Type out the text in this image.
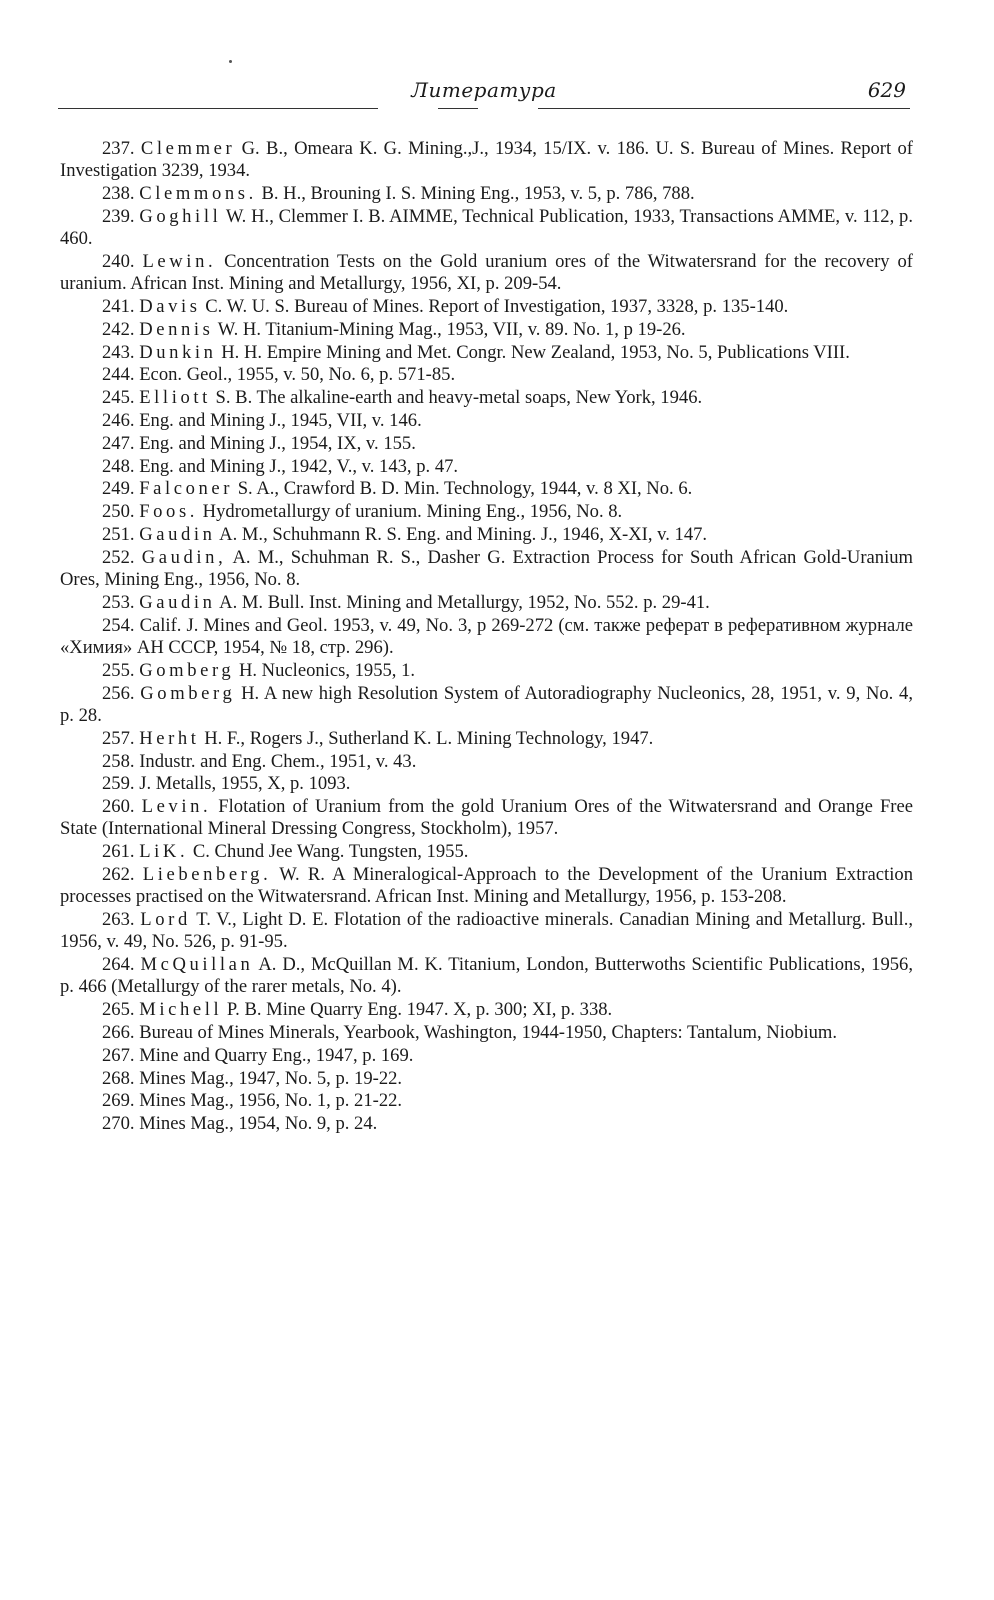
Литература	629
237. Clemmer G. B., Omeara K. G. Mining.,J., 1934, 15/IX. v. 186. U. S. Bureau of Mines. Report of Investigation 3239, 1934.
238. Clemmons. B. H., Brouning I. S. Mining Eng., 1953, v. 5, p. 786, 788.
239. Goghill W. H., Clemmer I. B. AIMME, Technical Publication, 1933, Transactions AMME, v. 112, p. 460.
240. Lewin. Concentration Tests on the Gold uranium ores of the Witwatersrand for the recovery of uranium. African Inst. Mining and Metallurgy, 1956, XI, p. 209-54.
241. Davis C. W. U. S. Bureau of Mines. Report of Investigation, 1937, 3328, p. 135-140.
242. Dennis W. H. Titanium-Mining Mag., 1953, VII, v. 89. No. 1, p 19-26.
243. Dunkin H. H. Empire Mining and Met. Congr. New Zealand, 1953, No. 5, Publications VIII.
244. Econ. Geol., 1955, v. 50, No. 6, p. 571-85.
245. Elliott S. B. The alkaline-earth and heavy-metal soaps, New York, 1946.
246. Eng. and Mining J., 1945, VII, v. 146.
247. Eng. and Mining J., 1954, IX, v. 155.
248. Eng. and Mining J., 1942, V., v. 143, p. 47.
249. Falconer S. A., Crawford B. D. Min. Technology, 1944, v. 8 XI, No. 6.
250. Foos. Hydrometallurgy of uranium. Mining Eng., 1956, No. 8.
251. Gaudin A. M., Schuhmann R. S. Eng. and Mining. J., 1946, X-XI, v. 147.
252. Gaudin, A. M., Schuhman R. S., Dasher G. Extraction Process for South African Gold-Uranium Ores, Mining Eng., 1956, No. 8.
253. Gaudin A. M. Bull. Inst. Mining and Metallurgy, 1952, No. 552. p. 29-41.
254. Calif. J. Mines and Geol. 1953, v. 49, No. 3, p 269-272 (см. также реферат в реферативном журнале «Химия» АН СССР, 1954, № 18, стр. 296).
255. Gomberg H. Nucleonics, 1955, 1.
256. Gomberg H. A new high Resolution System of Autoradiography Nucleonics, 28, 1951, v. 9, No. 4, p. 28.
257. Herht H. F., Rogers J., Sutherland K. L. Mining Technology, 1947.
258. Industr. and Eng. Chem., 1951, v. 43.
259. J. Metalls, 1955, X, p. 1093.
260. Levin. Flotation of Uranium from the gold Uranium Ores of the Witwatersrand and Orange Free State (International Mineral Dressing Congress, Stockholm), 1957.
261. LiK. C. Chund Jee Wang. Tungsten, 1955.
262. Liebenberg. W. R. A Mineralogical-Approach to the Development of the Uranium Extraction processes practised on the Witwatersrand. African Inst. Mining and Metallurgy, 1956, p. 153-208.
263. Lord T. V., Light D. E. Flotation of the radioactive minerals. Canadian Mining and Metallurg. Bull., 1956, v. 49, No. 526, p. 91-95.
264. McQuillan A. D., McQuillan M. K. Titanium, London, Butterwoths Scientific Publications, 1956, p. 466 (Metallurgy of the rarer metals, No. 4).
265. Michell P. B. Mine Quarry Eng. 1947. X, p. 300; XI, p. 338.
266. Bureau of Mines Minerals, Yearbook, Washington, 1944-1950, Chapters: Tantalum, Niobium.
267. Mine and Quarry Eng., 1947, p. 169.
268. Mines Mag., 1947, No. 5, p. 19-22.
269. Mines Mag., 1956, No. 1, p. 21-22.
270. Mines Mag., 1954, No. 9, p. 24.
